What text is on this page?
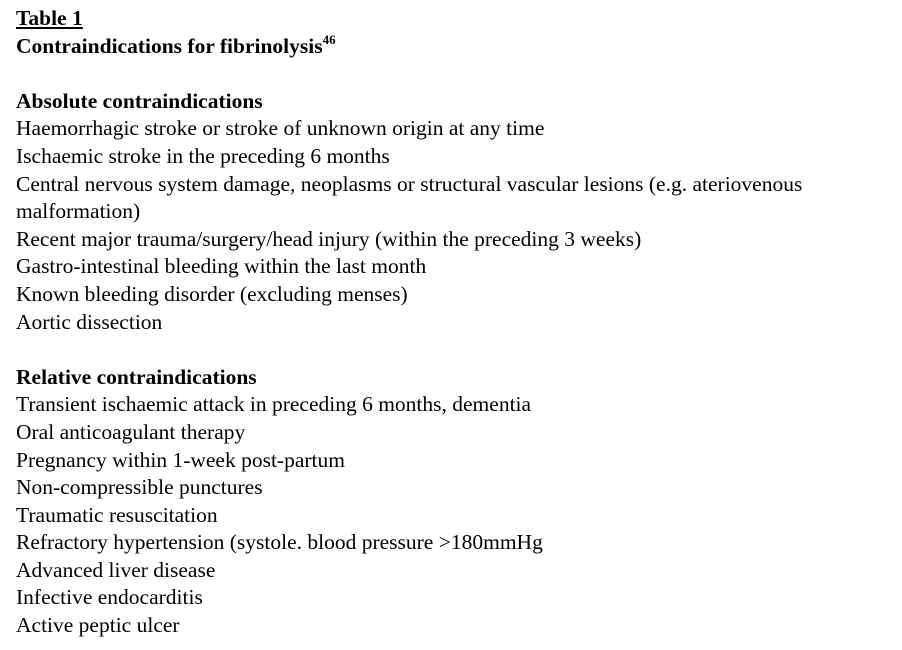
Table 1
Contraindications for fibrinolysis$^{46}$
Absolute contraindications
Haemorrhagic stroke or stroke of unknown origin at any time
Ischaemic stroke in the preceding 6 months
Central nervous system damage, neoplasms or structural vascular lesions (e.g. ateriovenous
malformation)
Recent major trauma/surgery/head injury (within the preceding 3 weeks)
Gastro-intestinal bleeding within the last month
Known bleeding disorder (excluding menses)
Aortic dissection
Relative contraindications
Transient ischaemic attack in preceding 6 months, dementia
Oral anticoagulant therapy
Pregnancy within 1-week post-partum
Non-compressible punctures
Traumatic resuscitation
Refractory hypertension (systole. blood pressure >180mmHg
Advanced liver disease
Infective endocarditis
Active peptic ulcer
